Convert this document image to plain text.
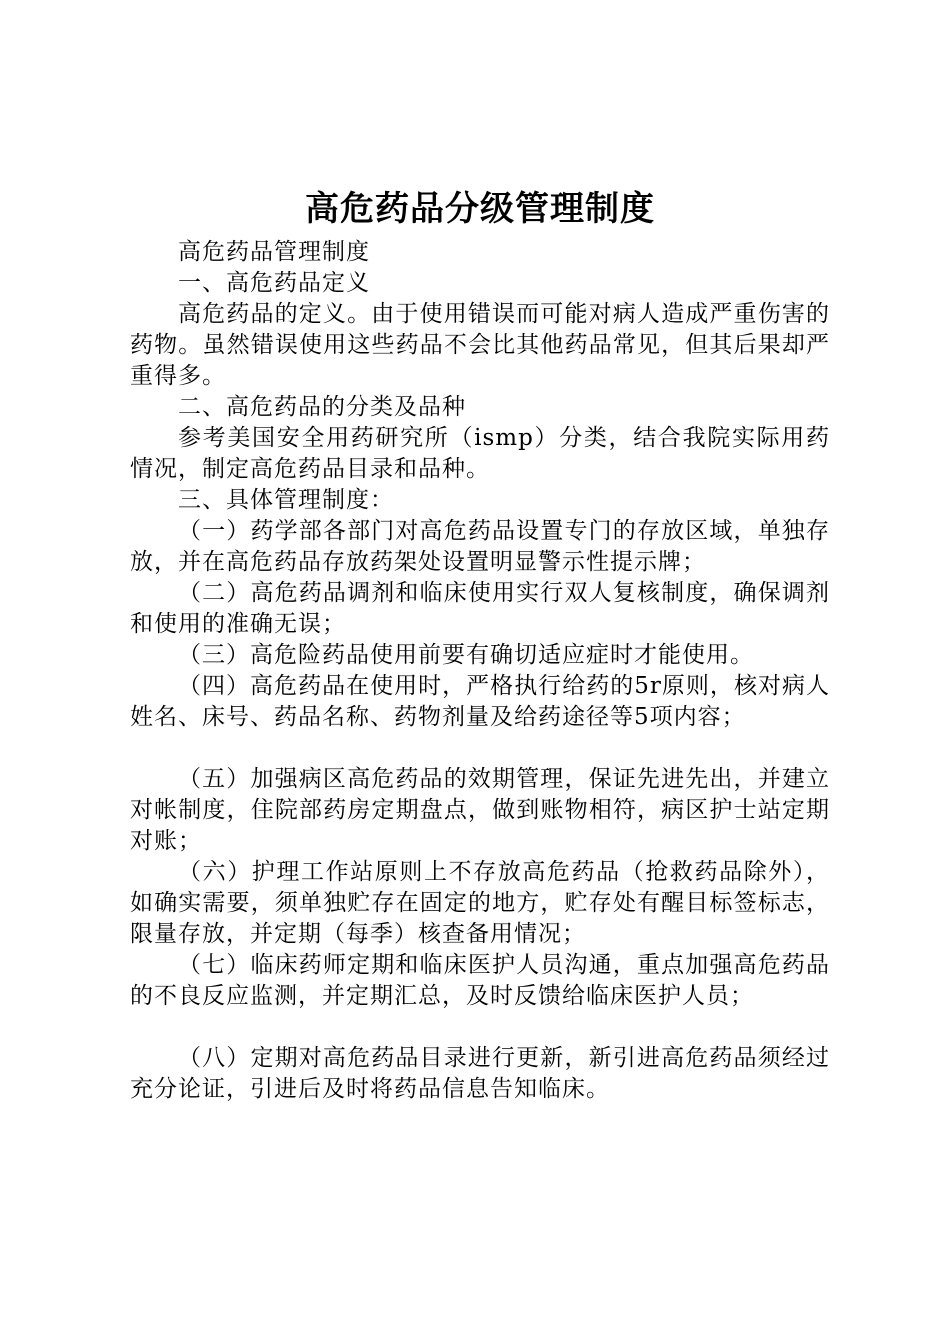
高危药品分级管理制度

高危药品管理制度

一、高危药品定义

高危药品的定义。由于使用错误而可能对病人造成严重伤害的药物。虽然错误使用这些药品不会比其他药品常见，但其后果却严重得多。

二、高危药品的分类及品种

参考美国安全用药研究所（ismp）分类，结合我院实际用药情况，制定高危药品目录和品种。

三、具体管理制度：

（一）药学部各部门对高危药品设置专门的存放区域，单独存放，并在高危药品存放药架处设置明显警示性提示牌；

（二）高危药品调剂和临床使用实行双人复核制度，确保调剂和使用的准确无误；

（三）高危险药品使用前要有确切适应症时才能使用。

（四）高危药品在使用时，严格执行给药的5r原则，核对病人姓名、床号、药品名称、药物剂量及给药途径等5项内容；

（五）加强病区高危药品的效期管理，保证先进先出，并建立对帐制度，住院部药房定期盘点，做到账物相符，病区护士站定期对账；

（六）护理工作站原则上不存放高危药品（抢救药品除外），如确实需要，须单独贮存在固定的地方，贮存处有醒目标签标志，限量存放，并定期（每季）核查备用情况；

（七）临床药师定期和临床医护人员沟通，重点加强高危药品的不良反应监测，并定期汇总，及时反馈给临床医护人员；

（八）定期对高危药品目录进行更新，新引进高危药品须经过充分论证，引进后及时将药品信息告知临床。
